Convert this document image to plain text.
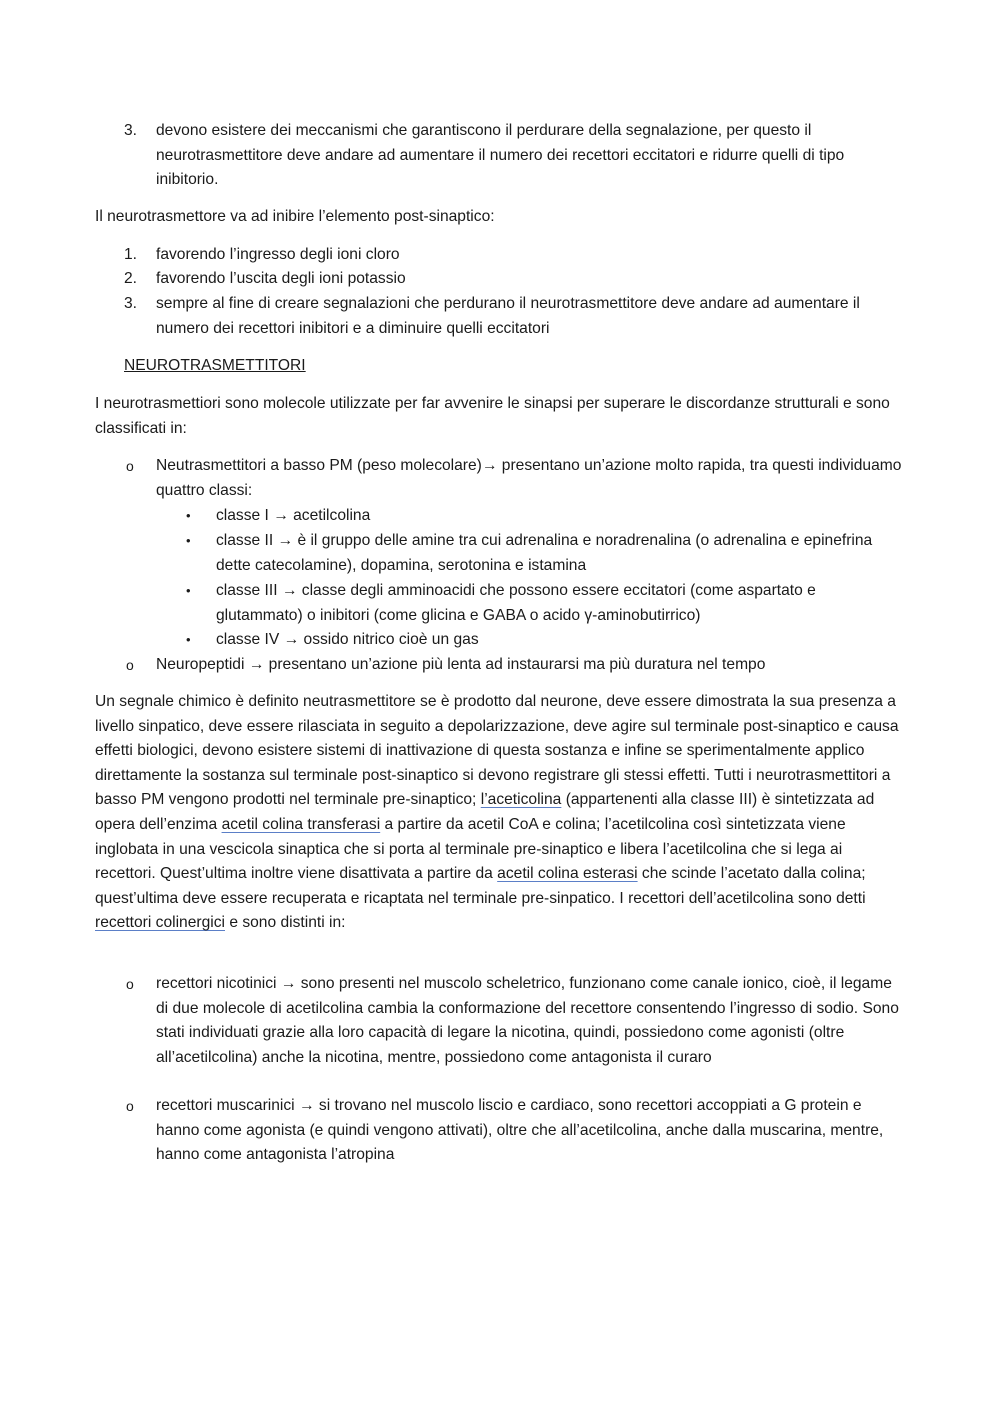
3.	devono esistere dei meccanismi che garantiscono il perdurare della segnalazione, per questo il neurotrasmettitore deve andare ad aumentare il numero dei recettori eccitatori e ridurre quelli di tipo inibitorio.

Il neurotrasmettore va ad inibire l’elemento post-sinaptico:

1.	favorendo l’ingresso degli ioni cloro
2.	favorendo l’uscita degli ioni potassio
3.	sempre al fine di creare segnalazioni che perdurano il neurotrasmettitore deve andare ad aumentare il numero dei recettori inibitori e a diminuire quelli eccitatori
NEUROTRASMETTITORI

I neurotrasmettiori sono molecole utilizzate per far avvenire le sinapsi per superare le discordanze strutturali e sono classificati in:

o	Neutrasmettitori a basso PM (peso molecolare)→ presentano un’azione molto rapida, tra questi individuamo quattro classi:
•	classe I → acetilcolina
•	classe II → è il gruppo delle amine tra cui adrenalina e noradrenalina (o adrenalina e epinefrina dette catecolamine), dopamina, serotonina e istamina
•	classe III → classe degli amminoacidi che possono essere eccitatori (come aspartato e glutammato) o inibitori (come glicina e GABA o acido γ-aminobutirrico)
•	classe IV → ossido nitrico cioè un gas
o	Neuropeptidi → presentano un’azione più lenta ad instaurarsi ma più duratura nel tempo

Un segnale chimico è definito neutrasmettitore se è prodotto dal neurone, deve essere dimostrata la sua presenza a livello sinpatico, deve essere rilasciata in seguito a depolarizzazione, deve agire sul terminale post-sinaptico e causa effetti biologici, devono esistere sistemi di inattivazione di questa sostanza e infine se sperimentalmente applico direttamente la sostanza sul terminale post-sinaptico si devono registrare gli stessi effetti. Tutti i neurotrasmettitori a basso PM vengono prodotti nel terminale pre-sinaptico; l’aceticolina (appartenenti alla classe III) è sintetizzata ad opera dell’enzima acetil colina transferasi a partire da acetil CoA e colina; l’acetilcolina così sintetizzata viene inglobata in una vescicola sinaptica che si porta al terminale pre-sinaptico e libera l’acetilcolina che si lega ai recettori. Quest’ultima inoltre viene disattivata a partire da acetil colina esterasi che scinde l’acetato dalla colina; quest’ultima deve essere recuperata e ricaptata nel terminale pre-sinpatico. I recettori dell’acetilcolina sono detti recettori colinergici e sono distinti in:

o	recettori nicotinici → sono presenti nel muscolo scheletrico, funzionano come canale ionico, cioè, il legame di due molecole di acetilcolina cambia la conformazione del recettore consentendo l’ingresso di sodio. Sono stati individuati grazie alla loro capacità di legare la nicotina, quindi, possiedono come agonisti (oltre all’acetilcolina) anche la nicotina, mentre, possiedono come antagonista il curaro
o	recettori muscarinici → si trovano nel muscolo liscio e cardiaco, sono recettori accoppiati a G protein e hanno come agonista (e quindi vengono attivati), oltre che all’acetilcolina, anche dalla muscarina, mentre, hanno come antagonista l’atropina
